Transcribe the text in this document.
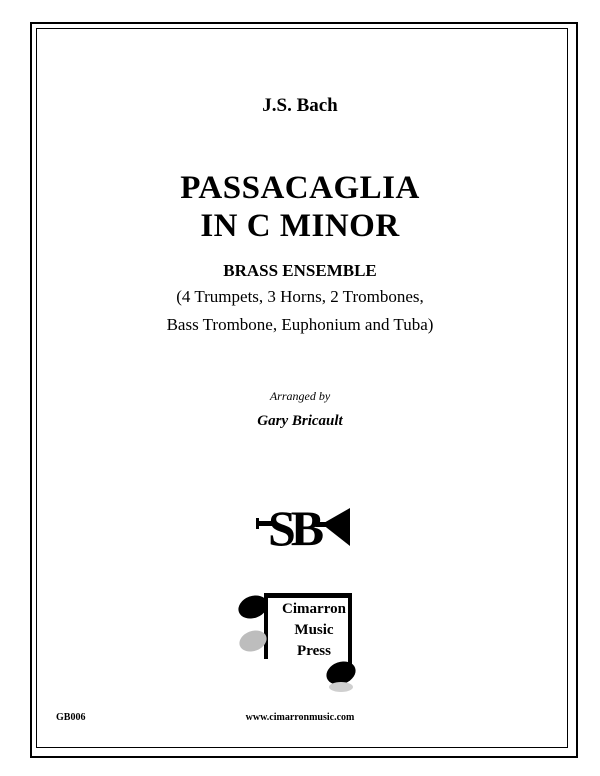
J.S. Bach
PASSACAGLIA
IN C MINOR
BRASS ENSEMBLE
(4 Trumpets, 3 Horns, 2 Trombones,
Bass Trombone, Euphonium and Tuba)
Arranged by
Gary Bricault
SB
Cimarron
Music
Press
GB006	www.cimarronmusic.com
